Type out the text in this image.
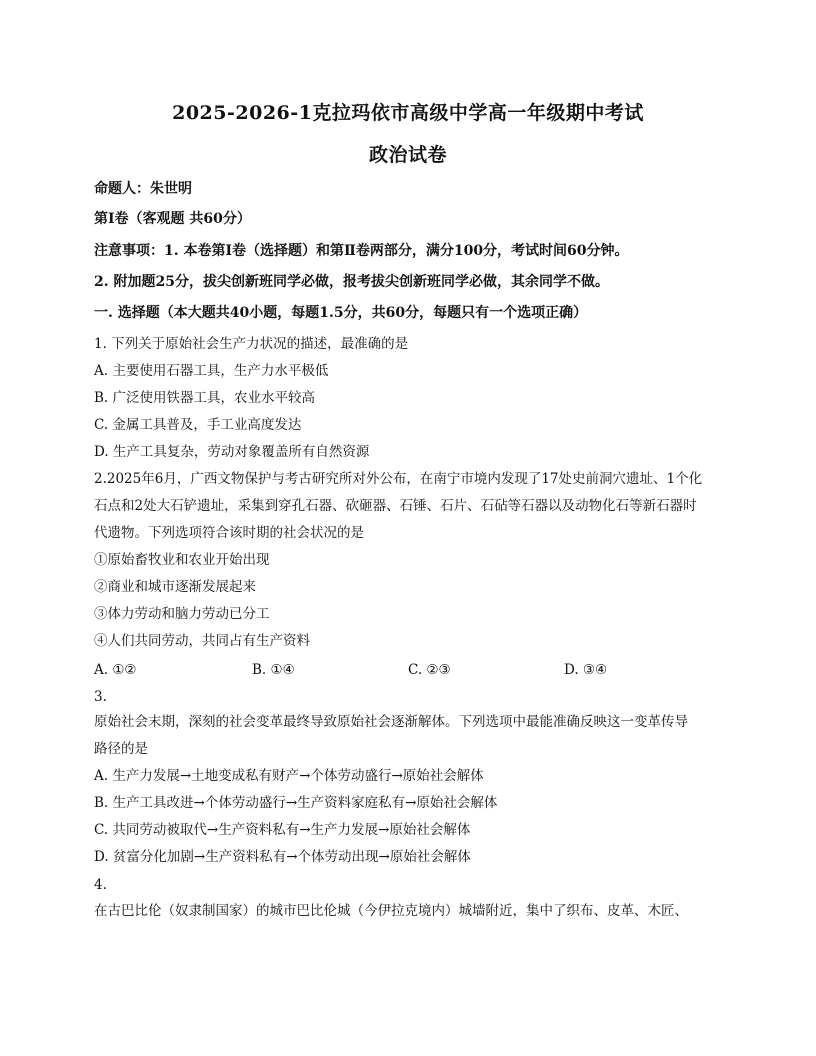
2025-2026-1克拉玛依市高级中学高一年级期中考试
政治试卷
命题人：朱世明
第Ⅰ卷（客观题 共60分）
注意事项：1. 本卷第Ⅰ卷（选择题）和第Ⅱ卷两部分，满分100分，考试时间60分钟。
2. 附加题25分，拔尖创新班同学必做，报考拔尖创新班同学必做，其余同学不做。
一. 选择题（本大题共40小题，每题1.5分，共60分，每题只有一个选项正确）
1. 下列关于原始社会生产力状况的描述，最准确的是
A. 主要使用石器工具，生产力水平极低
B. 广泛使用铁器工具，农业水平较高
C. 金属工具普及，手工业高度发达
D. 生产工具复杂，劳动对象覆盖所有自然资源
2.2025年6月，广西文物保护与考古研究所对外公布，在南宁市境内发现了17处史前洞穴遗址、1个化
石点和2处大石铲遗址，采集到穿孔石器、砍砸器、石锤、石片、石砧等石器以及动物化石等新石器时
代遗物。下列选项符合该时期的社会状况的是
①原始畜牧业和农业开始出现
②商业和城市逐渐发展起来
③体力劳动和脑力劳动已分工
④人们共同劳动，共同占有生产资料
A. ①②	B. ①④	C. ②③	D. ③④
3.
原始社会末期，深刻的社会变革最终导致原始社会逐渐解体。下列选项中最能准确反映这一变革传导
路径的是
A. 生产力发展→土地变成私有财产→个体劳动盛行→原始社会解体
B. 生产工具改进→个体劳动盛行→生产资料家庭私有→原始社会解体
C. 共同劳动被取代→生产资料私有→生产力发展→原始社会解体
D. 贫富分化加剧→生产资料私有→个体劳动出现→原始社会解体
4.
在古巴比伦（奴隶制国家）的城市巴比伦城（今伊拉克境内）城墙附近，集中了织布、皮革、木匠、
